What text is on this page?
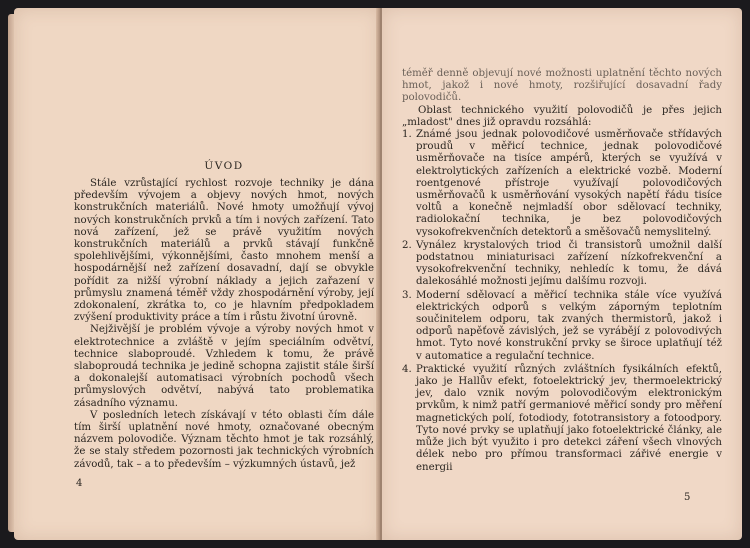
ÚVOD

Stále vzrůstající rychlost rozvoje techniky je dána především vývojem a objevy nových hmot, nových konstrukčních materiálů. Nové hmoty umožňují vývoj nových konstrukčních prvků a tím i nových zařízení. Tato nová zařízení, jež se právě využitím nových konstrukčních materiálů a prvků stávají funkčně spolehlivějšími, výkonnějšími, často mnohem menší a hospodárnější než zařízení dosavadní, dají se obvykle pořídit za nižší výrobní náklady a jejich zařazení v průmyslu znamená téměř vždy zhospodárnění výroby, její zdokonalení, zkrátka to, co je hlavním předpokladem zvýšení produktivity práce a tím i růstu životní úrovně.

Nejživější je problém vývoje a výroby nových hmot v elektrotechnice a zvláště v jejím speciálním odvětví, technice slaboproudé. Vzhledem k tomu, že právě slaboproudá technika je jedině schopna zajistit stále širší a dokonalejší automatisaci výrobních pochodů všech průmyslových odvětví, nabývá tato problematika zásadního významu.

V posledních letech získávají v této oblasti čím dále tím širší uplatnění nové hmoty, označované obecným názvem polovodiče. Význam těchto hmot je tak rozsáhlý, že se staly středem pozornosti jak technických výrobních závodů, tak – a to především – výzkumných ústavů, jež

4

téměř denně objevují nové možnosti uplatnění těchto nových hmot, jakož i nové hmoty, rozšiřující dosavadní řady polovodičů.

Oblast technického využití polovodičů je přes jejich „mladost" dnes již opravdu rozsáhlá:

1. Známé jsou jednak polovodičové usměrňovače střídavých proudů v měřicí technice, jednak polovodičové usměrňovače na tisíce ampérů, kterých se využívá v elektrolytických zařízeních a elektrické vozbě. Moderní roentgenové přístroje využívají polovodičových usměrňovačů k usměrňování vysokých napětí řádu tisíce voltů a konečně nejmladší obor sdělovací techniky, radiolokační technika, je bez polovodičových vysokofrekvenčních detektorů a směšovačů nemyslitelný.
2. Vynález krystalových triod či transistorů umožnil další podstatnou miniaturisaci zařízení nízkofrekvenční a vysokofrekvenční techniky, nehledíc k tomu, že dává dalekosáhlé možnosti jejímu dalšímu rozvoji.
3. Moderní sdělovací a měřicí technika stále více využívá elektrických odporů s velkým záporným teplotním součinitelem odporu, tak zvaných thermistorů, jakož i odporů napěťově závislých, jež se vyrábějí z polovodivých hmot. Tyto nové konstrukční prvky se široce uplatňují též v automatice a regulační technice.
4. Praktické využití různých zvláštních fysikálních efektů, jako je Hallův efekt, fotoelektrický jev, thermoelektrický jev, dalo vznik novým polovodičovým elektronickým prvkům, k nimž patří germaniové měřicí sondy pro měření magnetických polí, fotodiody, fototransistory a fotoodpory. Tyto nové prvky se uplatňují jako fotoelektrické články, ale může jich být využito i pro detekci záření všech vlnových délek nebo pro přímou transformaci zářivé energie v energii
5
